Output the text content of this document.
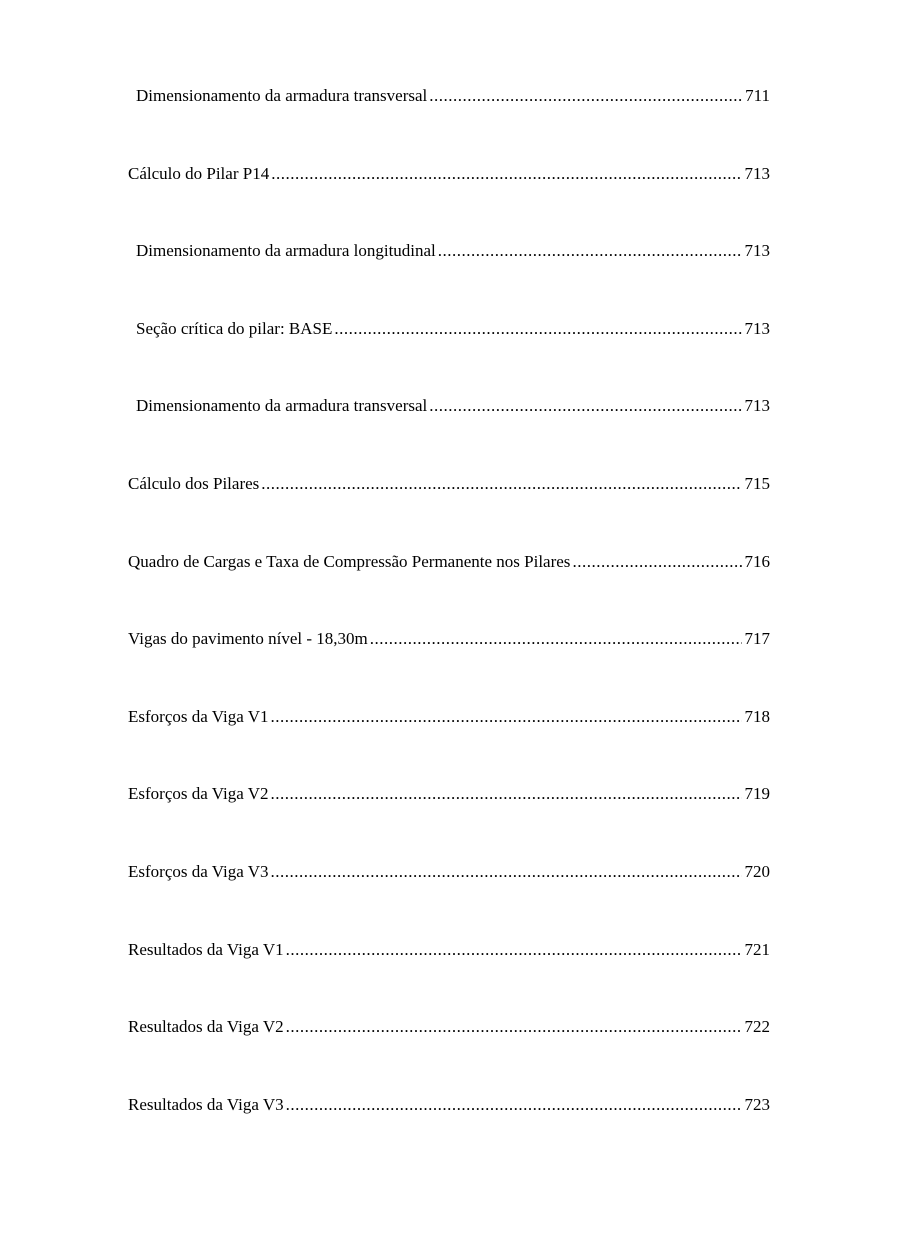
Dimensionamento da armadura transversal .....	711
Cálculo do Pilar P14 .....	713
Dimensionamento da armadura longitudinal .....	713
Seção crítica do pilar: BASE .....	713
Dimensionamento da armadura transversal .....	713
Cálculo dos Pilares .....	715
Quadro de Cargas e Taxa de Compressão Permanente nos Pilares .....	716
Vigas do pavimento nível - 18,30m .....	717
Esforços da Viga V1 .....	718
Esforços da Viga V2 .....	719
Esforços da Viga V3 .....	720
Resultados da Viga V1 .....	721
Resultados da Viga V2 .....	722
Resultados da Viga V3 .....	723
